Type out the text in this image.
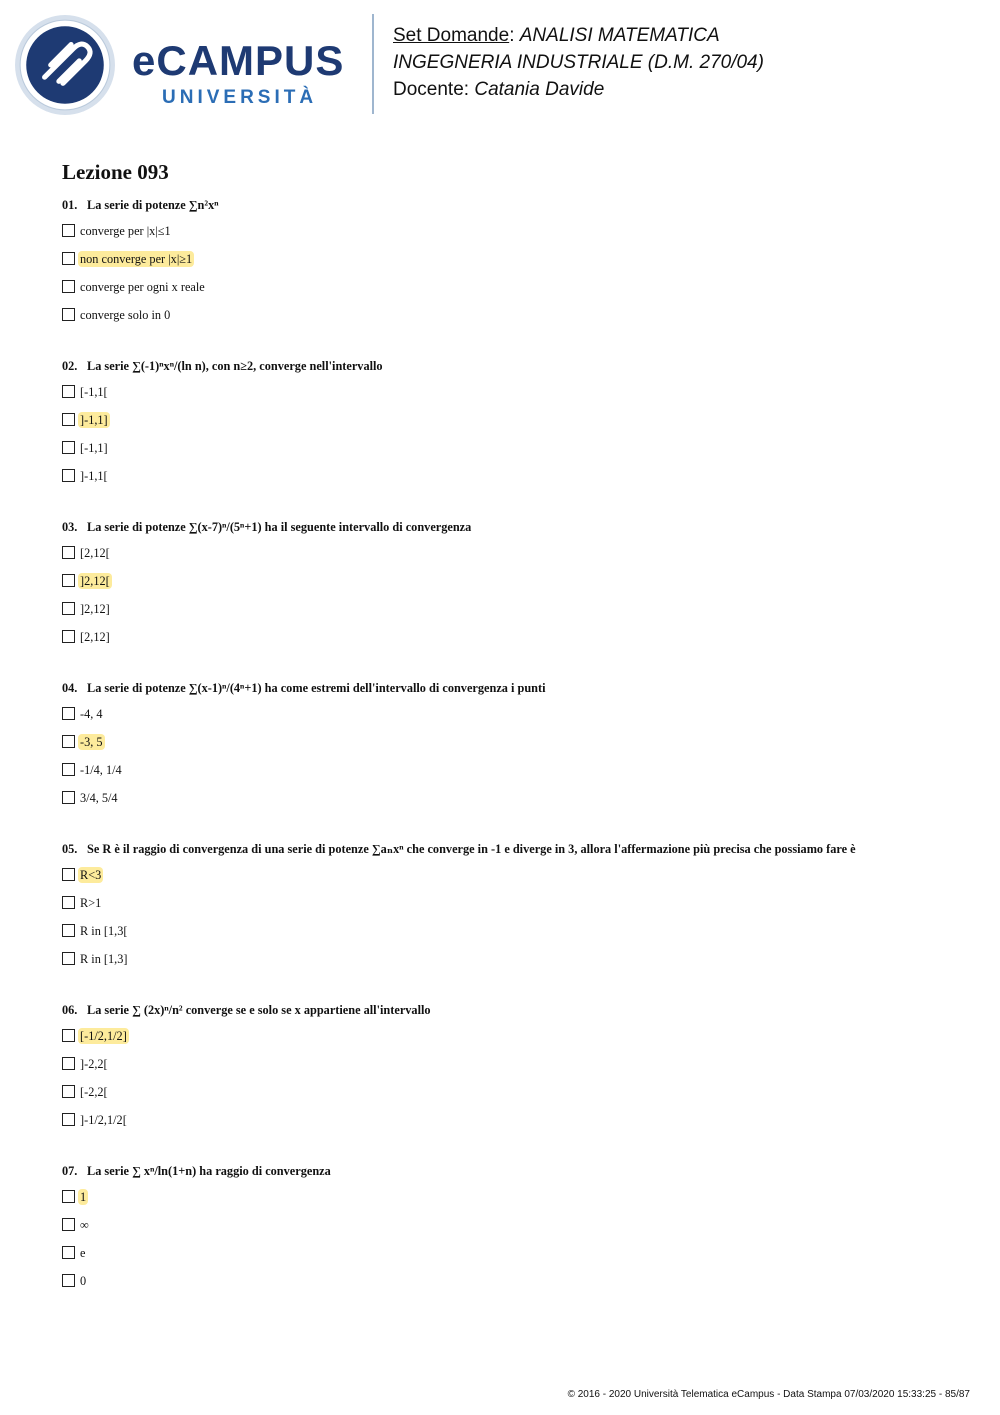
eCAMPUS
UNIVERSITÀ
Set Domande: ANALISI MATEMATICA
INGEGNERIA INDUSTRIALE (D.M. 270/04)
Docente: Catania Davide
Lezione 093
01. La serie di potenze ∑n²xⁿ
converge per |x|≤1
non converge per |x|≥1
converge per ogni x reale
converge solo in 0
02. La serie ∑(-1)ⁿxⁿ/(ln n), con n≥2, converge nell'intervallo
[-1,1[
]-1,1]
[-1,1]
]-1,1[
03. La serie di potenze ∑(x-7)ⁿ/(5ⁿ+1) ha il seguente intervallo di convergenza
[2,12[
]2,12[
]2,12]
[2,12]
04. La serie di potenze ∑(x-1)ⁿ/(4ⁿ+1) ha come estremi dell'intervallo di convergenza i punti
-4, 4
-3, 5
-1/4, 1/4
3/4, 5/4
05. Se R è il raggio di convergenza di una serie di potenze ∑aₙxⁿ che converge in -1 e diverge in 3, allora l'affermazione più precisa che possiamo fare è
R<3
R>1
R in [1,3[
R in [1,3]
06. La serie ∑ (2x)ⁿ/n² converge se e solo se x appartiene all'intervallo
[-1/2,1/2]
]-2,2[
[-2,2[
]-1/2,1/2[
07. La serie ∑ xⁿ/ln(1+n) ha raggio di convergenza
1
∞
e
0
© 2016 - 2020 Università Telematica eCampus - Data Stampa 07/03/2020 15:33:25 - 85/87
